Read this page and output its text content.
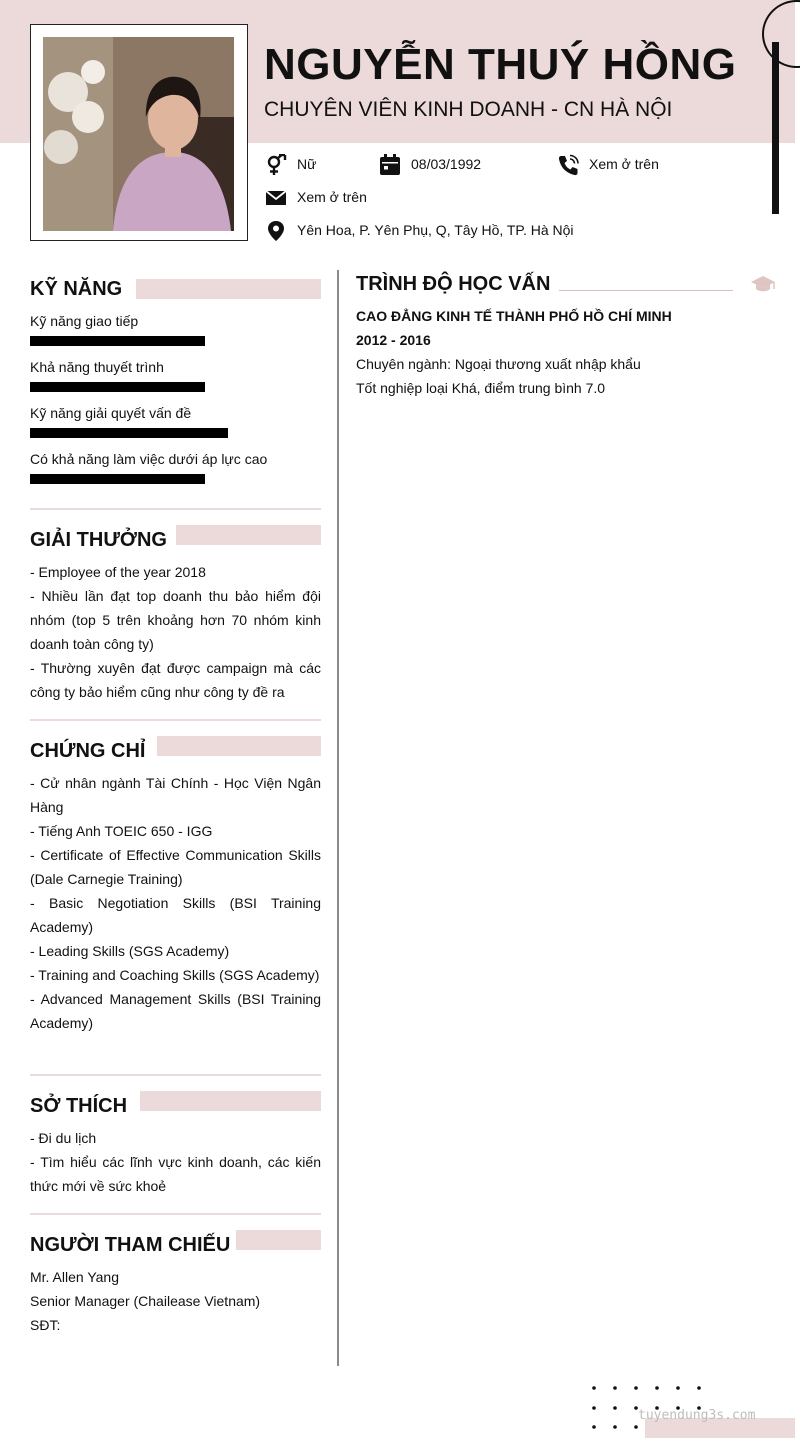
NGUYỄN THUÝ HỒNG
CHUYÊN VIÊN KINH DOANH - CN HÀ NỘI
Nữ	08/03/1992	Xem ở trên
Xem ở trên
Yên Hoa, P. Yên Phụ, Q, Tây Hồ, TP. Hà Nội
KỸ NĂNG
Kỹ năng giao tiếp
Khả năng thuyết trình
Kỹ năng giải quyết vấn đề
Có khả năng làm việc dưới áp lực cao
GIẢI THƯỞNG

- Employee of the year 2018

- Nhiều lần đạt top doanh thu bảo hiểm đội nhóm (top 5 trên khoảng hơn 70 nhóm kinh doanh toàn công ty)

- Thường xuyên đạt được campaign mà các công ty bảo hiểm cũng như công ty đề ra

CHỨNG CHỈ

- Cử nhân ngành Tài Chính - Học Viện Ngân Hàng

- Tiếng Anh TOEIC 650 - IGG

- Certificate of Effective Communication Skills (Dale Carnegie Training)

- Basic Negotiation Skills (BSI Training Academy)

- Leading Skills (SGS Academy)

- Training and Coaching Skills (SGS Academy)

- Advanced Management Skills (BSI Training Academy)

SỞ THÍCH

- Đi du lịch

- Tìm hiểu các lĩnh vực kinh doanh, các kiến thức mới về sức khoẻ

NGƯỜI THAM CHIẾU

Mr. Allen Yang

Senior Manager (Chailease Vietnam)

SĐT:

TRÌNH ĐỘ HỌC VẤN
CAO ĐẲNG KINH TẾ THÀNH PHỐ HỒ CHÍ MINH
2012 - 2016
Chuyên ngành: Ngoại thương xuất nhập khẩu
Tốt nghiệp loại Khá, điểm trung bình 7.0
tuyendung3s.com
